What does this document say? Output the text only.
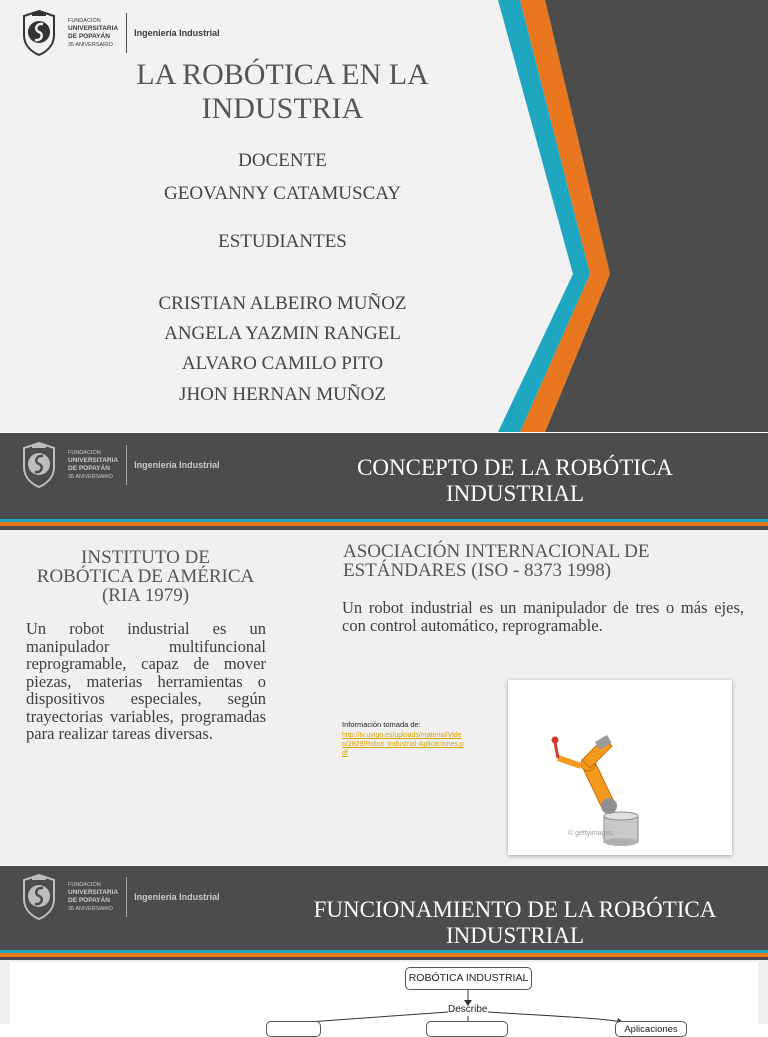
FUNDACIÓN
UNIVERSITARIA
DE POPAYÁN
35 ANIVERSARIO
Ingeniería Industrial
LA ROBÓTICA EN LA
INDUSTRIA
DOCENTE
GEOVANNY CATAMUSCAY
ESTUDIANTES
CRISTIAN ALBEIRO MUÑOZ
ANGELA YAZMIN RANGEL
ALVARO CAMILO PITO
JHON HERNAN MUÑOZ
FUNDACIÓN
UNIVERSITARIA
DE POPAYÁN
35 ANIVERSARIO
Ingeniería Industrial	CONCEPTO DE LA ROBÓTICA
INDUSTRIAL
INSTITUTO DE
ROBÓTICA DE AMÉRICA
(RIA 1979)
Un robot industrial es un manipulador multifuncional reprogramable, capaz de mover piezas, materias herramientas o dispositivos especiales, según trayectorias variables, programadas para realizar tareas diversas.
ASOCIACIÓN INTERNACIONAL DE
ESTÁNDARES (ISO - 8373 1998)
Un robot industrial es un manipulador de tres o más ejes, con control automático, reprogramable.
Información tomada de:
http://tv.uvigo.es/uploads/material/Video/2829/Robot_Industrial-Aplicaciones.pdf
© gettyimages
FUNDACIÓN
UNIVERSITARIA
DE POPAYÁN
35 ANIVERSARIO
Ingeniería Industrial	FUNCIONAMIENTO DE LA ROBÓTICA
INDUSTRIAL
ROBÓTICA INDUSTRIAL
Describe
Aplicaciones
